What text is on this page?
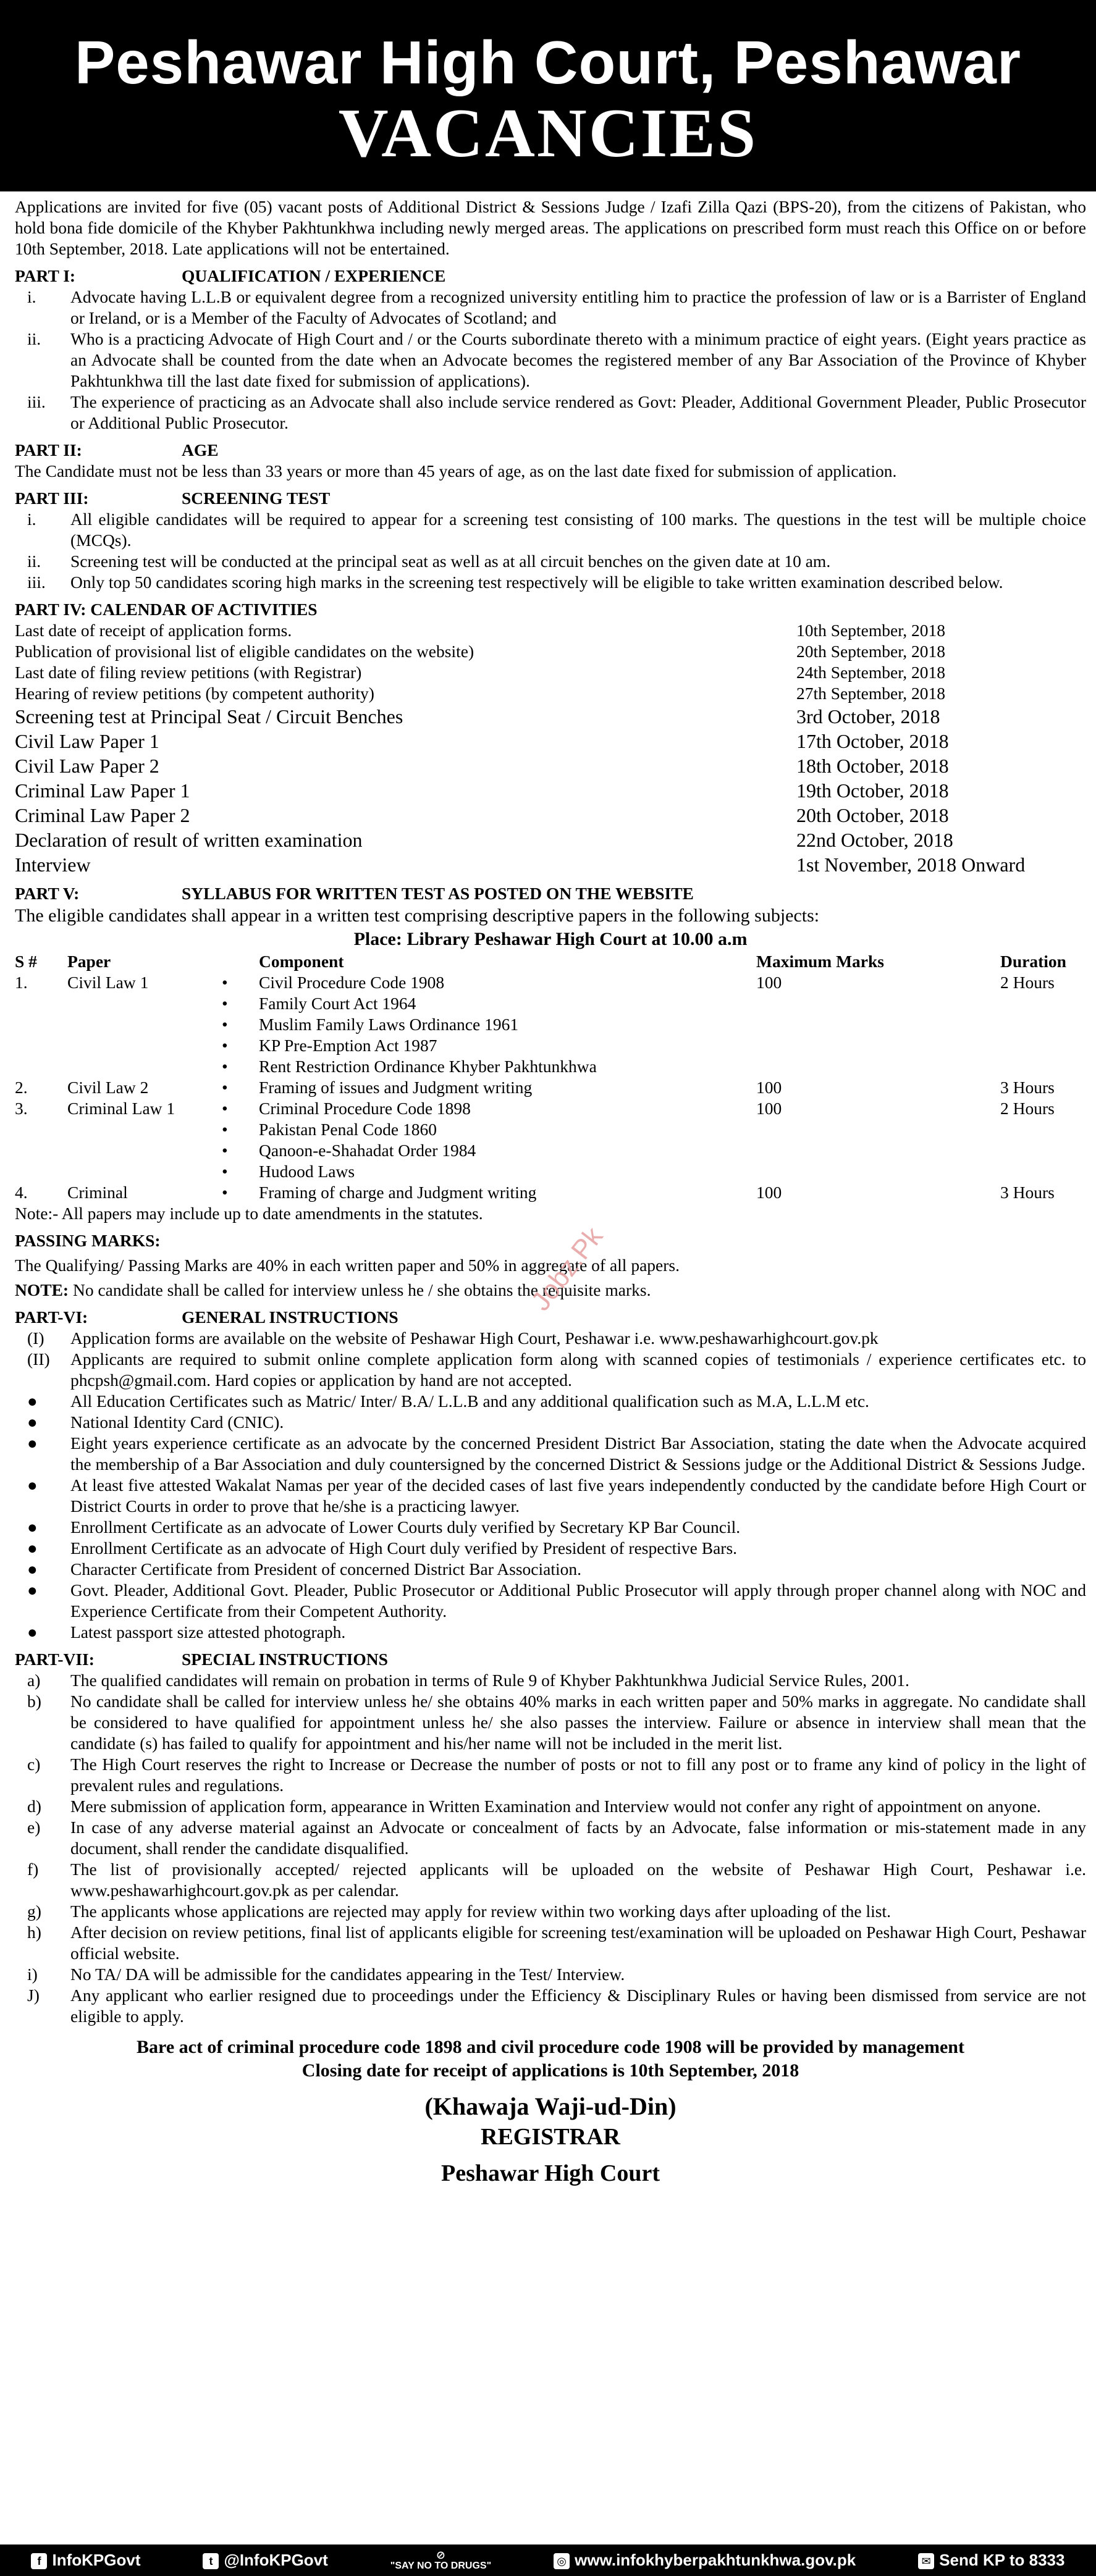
Peshawar High Court, Peshawar
VACANCIES

Applications are invited for five (05) vacant posts of Additional District & Sessions Judge / Izafi Zilla Qazi (BPS-20), from the citizens of Pakistan, who hold bona fide domicile of the Khyber Pakhtunkhwa including newly merged areas. The applications on prescribed form must reach this Office on or before 10th September, 2018. Late applications will not be entertained.

PART I:	QUALIFICATION / EXPERIENCE
i.	Advocate having L.L.B or equivalent degree from a recognized university entitling him to practice the profession of law or is a Barrister of England or Ireland, or is a Member of the Faculty of Advocates of Scotland; and
ii.	Who is a practicing Advocate of High Court and / or the Courts subordinate thereto with a minimum practice of eight years. (Eight years practice as an Advocate shall be counted from the date when an Advocate becomes the registered member of any Bar Association of the Province of Khyber Pakhtunkhwa till the last date fixed for submission of applications).
iii.	The experience of practicing as an Advocate shall also include service rendered as Govt: Pleader, Additional Government Pleader, Public Prosecutor or Additional Public Prosecutor.
PART II:	AGE

The Candidate must not be less than 33 years or more than 45 years of age, as on the last date fixed for submission of application.

PART III:	SCREENING TEST
i.	All eligible candidates will be required to appear for a screening test consisting of 100 marks. The questions in the test will be multiple choice (MCQs).
ii.	Screening test will be conducted at the principal seat as well as at all circuit benches on the given date at 10 am.
iii.	Only top 50 candidates scoring high marks in the screening test respectively will be eligible to take written examination described below.
PART IV: CALENDAR OF ACTIVITIES
Last date of receipt of application forms.	10th September, 2018
Publication of provisional list of eligible candidates on the website)	20th September, 2018
Last date of filing review petitions (with Registrar)	24th September, 2018
Hearing of review petitions (by competent authority)	27th September, 2018
Screening test at Principal Seat / Circuit Benches	3rd October, 2018
Civil Law Paper 1	17th October, 2018
Civil Law Paper 2	18th October, 2018
Criminal Law Paper 1	19th October, 2018
Criminal Law Paper 2	20th October, 2018
Declaration of result of written examination	22nd October, 2018
Interview	1st November, 2018 Onward
PART V:	SYLLABUS FOR WRITTEN TEST AS POSTED ON THE WEBSITE

The eligible candidates shall appear in a written test comprising descriptive papers in the following subjects:

Place: Library Peshawar High Court at 10.00 a.m

S #	Paper		Component	Maximum Marks	Duration
1.	Civil Law 1	•	Civil Procedure Code 1908	100	2 Hours
		•	Family Court Act 1964		
		•	Muslim Family Laws Ordinance 1961		
		•	KP Pre-Emption Act 1987		
		•	Rent Restriction Ordinance Khyber Pakhtunkhwa		
2.	Civil Law 2	•	Framing of issues and Judgment writing	100	3 Hours
3.	Criminal Law 1	•	Criminal Procedure Code 1898	100	2 Hours
		•	Pakistan Penal Code 1860		
		•	Qanoon-e-Shahadat Order 1984		
		•	Hudood Laws		
4.	Criminal	•	Framing of charge and Judgment writing	100	3 Hours

Note:- All papers may include up to date amendments in the statutes.

PASSING MARKS:

The Qualifying/ Passing Marks are 40% in each written paper and 50% in aggregate of all papers.

NOTE: No candidate shall be called for interview unless he / she obtains the requisite marks.

PART-VI:	GENERAL INSTRUCTIONS
(I)	Application forms are available on the website of Peshawar High Court, Peshawar i.e. www.peshawarhighcourt.gov.pk
(II)	Applicants are required to submit online complete application form along with scanned copies of testimonials / experience certificates etc. to phcpsh@gmail.com. Hard copies or application by hand are not accepted.
●	All Education Certificates such as Matric/ Inter/ B.A/ L.L.B and any additional qualification such as M.A, L.L.M etc.
●	National Identity Card (CNIC).
●	Eight years experience certificate as an advocate by the concerned President District Bar Association, stating the date when the Advocate acquired the membership of a Bar Association and duly countersigned by the concerned District & Sessions judge or the Additional District & Sessions Judge.
●	At least five attested Wakalat Namas per year of the decided cases of last five years independently conducted by the candidate before High Court or District Courts in order to prove that he/she is a practicing lawyer.
●	Enrollment Certificate as an advocate of Lower Courts duly verified by Secretary KP Bar Council.
●	Enrollment Certificate as an advocate of High Court duly verified by President of respective Bars.
●	Character Certificate from President of concerned District Bar Association.
●	Govt. Pleader, Additional Govt. Pleader, Public Prosecutor or Additional Public Prosecutor will apply through proper channel along with NOC and Experience Certificate from their Competent Authority.
●	Latest passport size attested photograph.
PART-VII:	SPECIAL INSTRUCTIONS
a)	The qualified candidates will remain on probation in terms of Rule 9 of Khyber Pakhtunkhwa Judicial Service Rules, 2001.
b)	No candidate shall be called for interview unless he/ she obtains 40% marks in each written paper and 50% marks in aggregate. No candidate shall be considered to have qualified for appointment unless he/ she also passes the interview. Failure or absence in interview shall mean that the candidate (s) has failed to qualify for appointment and his/her name will not be included in the merit list.
c)	The High Court reserves the right to Increase or Decrease the number of posts or not to fill any post or to frame any kind of policy in the light of prevalent rules and regulations.
d)	Mere submission of application form, appearance in Written Examination and Interview would not confer any right of appointment on anyone.
e)	In case of any adverse material against an Advocate or concealment of facts by an Advocate, false information or mis-statement made in any document, shall render the candidate disqualified.
f)	The list of provisionally accepted/ rejected applicants will be uploaded on the website of Peshawar High Court, Peshawar i.e. www.peshawarhighcourt.gov.pk as per calendar.
g)	The applicants whose applications are rejected may apply for review within two working days after uploading of the list.
h)	After decision on review petitions, final list of applicants eligible for screening test/examination will be uploaded on Peshawar High Court, Peshawar official website.
i)	No TA/ DA will be admissible for the candidates appearing in the Test/ Interview.
J)	Any applicant who earlier resigned due to proceedings under the Efficiency & Disciplinary Rules or having been dismissed from service are not eligible to apply.

Bare act of criminal procedure code 1898 and civil procedure code 1908 will be provided by management

Closing date for receipt of applications is 10th September, 2018

(Khawaja Waji-ud-Din)
REGISTRAR
Peshawar High Court
Jobz.Pk
f InfoKPGovt	t @InfoKPGovt	⊘
"SAY NO TO DRUGS"	◎ www.infokhyberpakhtunkhwa.gov.pk	✉ Send KP to 8333
